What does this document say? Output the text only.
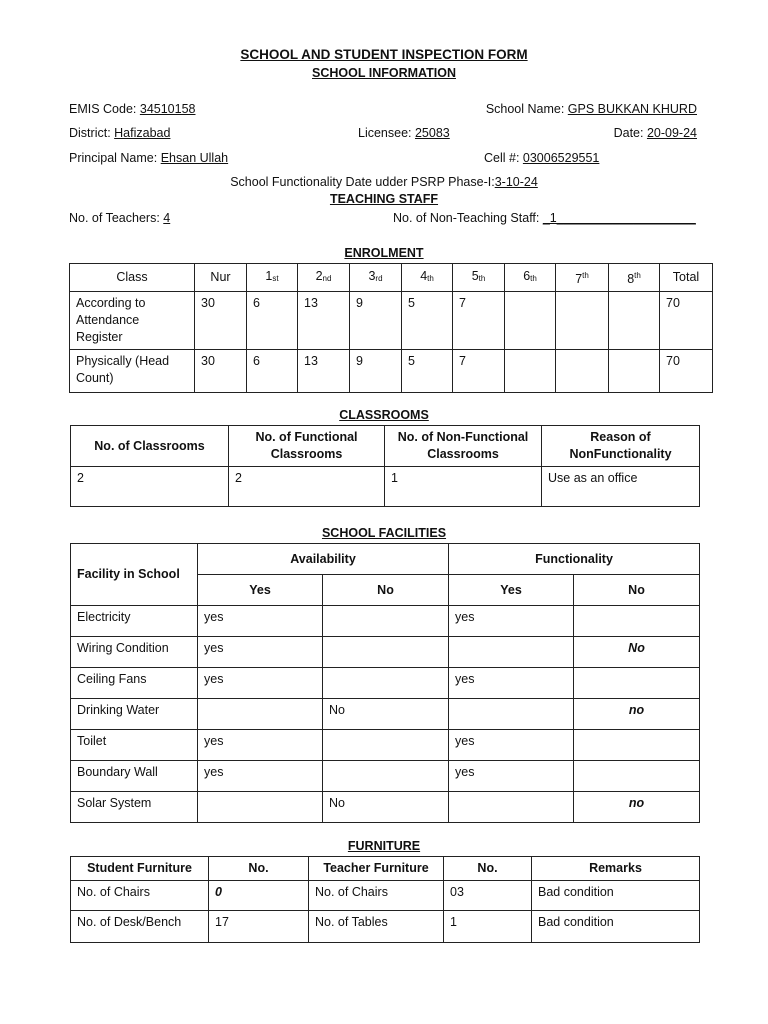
SCHOOL AND STUDENT INSPECTION FORM
SCHOOL INFORMATION
EMIS Code: 34510158	School Name: GPS BUKKAN KHURD
District: Hafizabad	Licensee: 25083	Date: 20-09-24
Principal Name: Ehsan Ullah	Cell #: 03006529551
School Functionality Date udder PSRP Phase-I:3-10-24
TEACHING STAFF
No. of Teachers: 4	No. of Non-Teaching Staff: _1____________________
ENROLMENT
Class	Nur	$1_{st}$	$2_{nd}$	$3_{rd}$	$4_{th}$	$5_{th}$	$6_{th}$	7th	8th	Total
According to Attendance Register	30	6	13	9	5	7				70
Physically (Head Count)	30	6	13	9	5	7				70
CLASSROOMS
No. of Classrooms	No. of Functional Classrooms	No. of Non-Functional Classrooms	Reason of NonFunctionality
2	2	1	Use as an office
SCHOOL FACILITIES
Facility in School	Availability		Functionality	
	Yes	No	Yes	No
Electricity	yes		yes	
Wiring Condition	yes			No
Ceiling Fans	yes		yes	
Drinking Water		No		no
Toilet	yes		yes	
Boundary Wall	yes		yes	
Solar System		No		no
FURNITURE
Student Furniture	No.	Teacher Furniture	No.	Remarks
No. of Chairs	0	No. of Chairs	03	Bad condition
No. of Desk/Bench	17	No. of Tables	1	Bad condition
